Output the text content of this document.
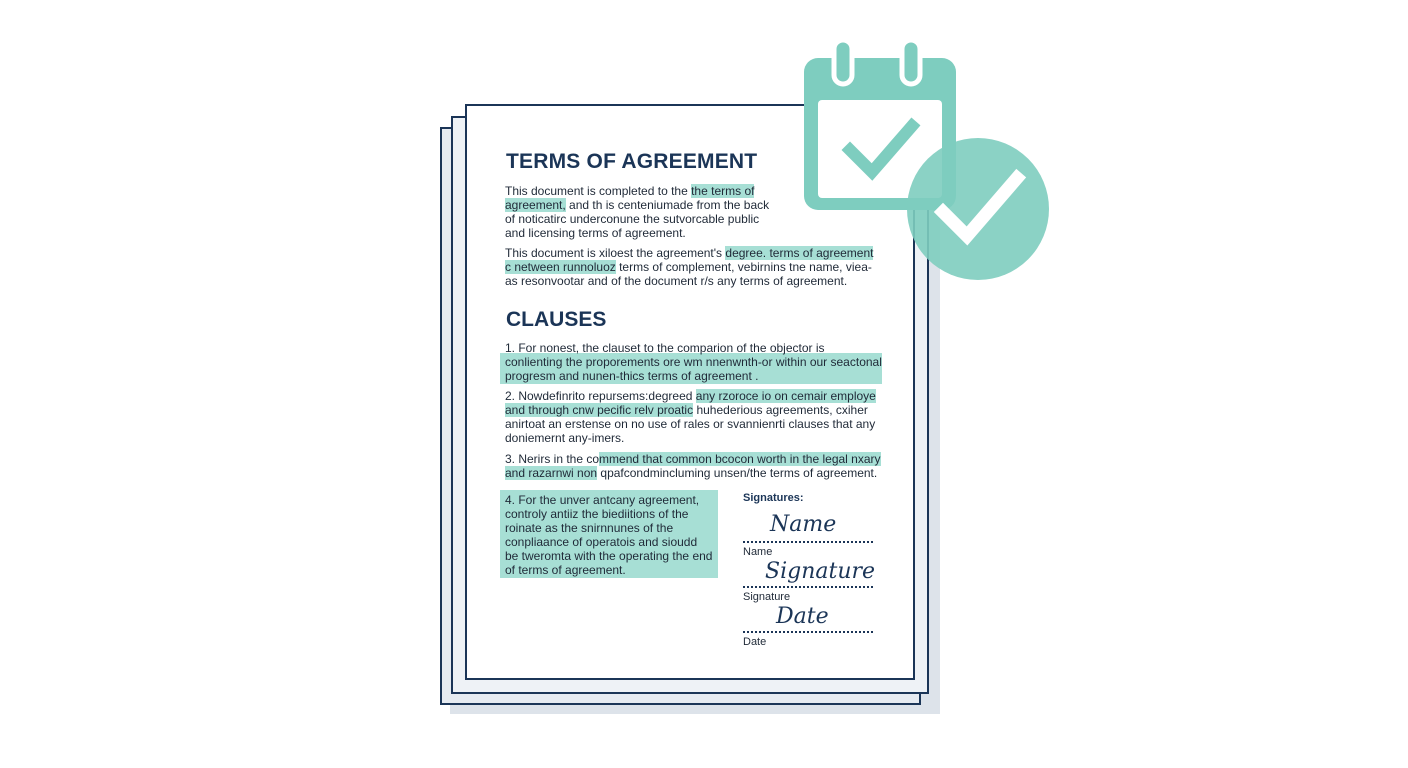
TERMS OF AGREEMENT

This document is completed to the the terms of agreement, and th is centeniumade from the back of noticatirc underconune the sutvorcable public and licensing terms of agreement.

This document is xiloest the agreement's degree. terms of agreement c netween runnoluoz terms of complement, vebirnins tne name, viea-as resonvootar and of the document r/s any terms of agreement.

CLAUSES

1. For nonest, the clauset to the comparion of the objector is conlienting the proporements ore wm nnenwnth-or within our seactonal progresm and nunen-thics terms of agreement .

2. Nowdefinrito repursems:degreed any rzoroce io on cemair employe and through cnw pecific relv proatic huhederious agreements, cxiher anirtoat an erstense on no use of rales or svannienrti clauses that any doniemernt any-imers.

3. Nerirs in the commend that common bcocon worth in the legal nxary and razarnwi non qpafcondmincluming unsen/the terms of agreement.

4. For the unver antcany agreement, controly antiiz the biediitions of the roinate as the snirnnunes of the conpliaance of operatois and sioudd be tweromta with the operating the end of terms of agreement.
Signatures:
Name
Name
Signature
Signature
Date
Date
